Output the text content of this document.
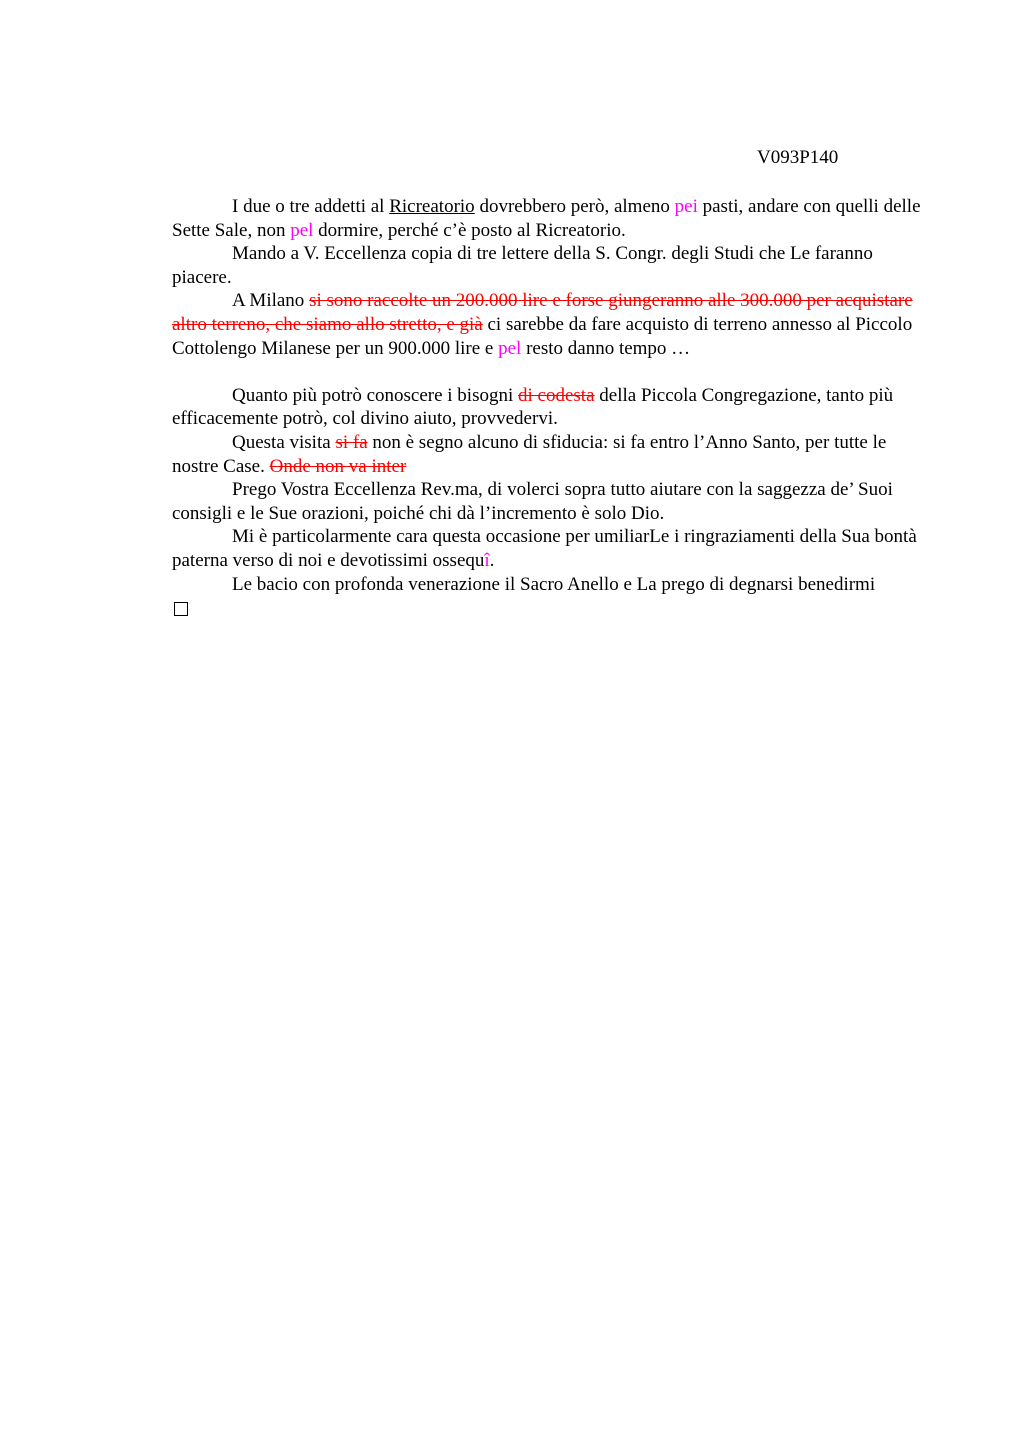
V093P140

I due o tre addetti al Ricreatorio dovrebbero però, almeno pei pasti, andare con quelli delle Sette Sale, non pel dormire, perché c’è posto al Ricreatorio.

Mando a V. Eccellenza copia di tre lettere della S. Congr. degli Studi che Le faranno piacere.

A Milano si sono raccolte un 200.000 lire e forse giungeranno alle 300.000 per acquistare altro terreno, che siamo allo stretto, e già ci sarebbe da fare acquisto di terreno annesso al Piccolo Cottolengo Milanese per un 900.000 lire e pel resto danno tempo …

Quanto più potrò conoscere i bisogni di codesta della Piccola Congregazione, tanto più efficacemente potrò, col divino aiuto, provvedervi.

Questa visita si fa non è segno alcuno di sfiducia: si fa entro l’Anno Santo, per tutte le nostre Case. Onde non va inter

Prego Vostra Eccellenza Rev.ma, di volerci sopra tutto aiutare con la saggezza de’ Suoi consigli e le Sue orazioni, poiché chi dà l’incremento è solo Dio.

Mi è particolarmente cara questa occasione per umiliarLe i ringraziamenti della Sua bontà paterna verso di noi e devotissimi ossequî.

Le bacio con profonda venerazione il Sacro Anello e La prego di degnarsi benedirmi
